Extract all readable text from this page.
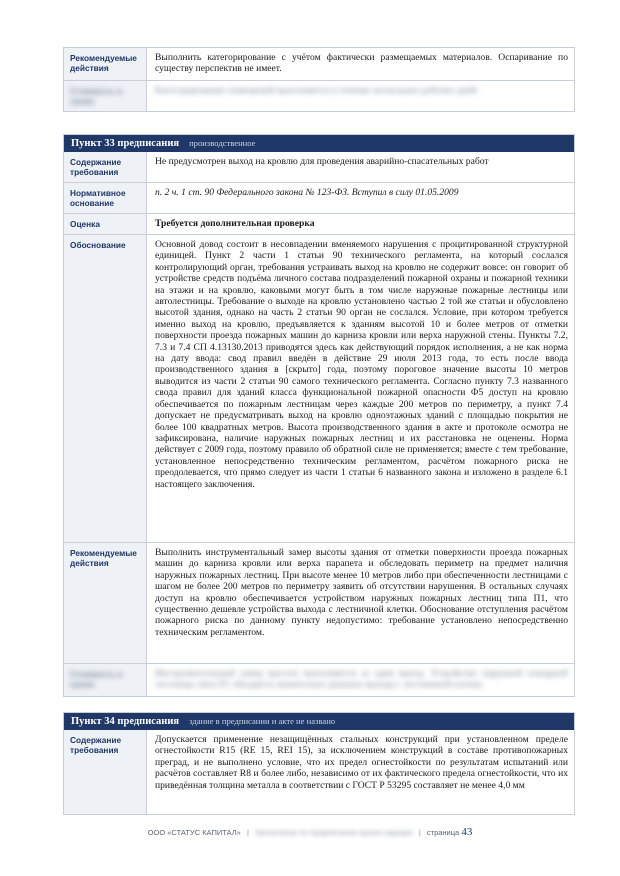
Рекомендуемые действия
Выполнить категорирование с учётом фактически размещаемых материалов. Оспаривание по существу перспектив не имеет.
Стоимость и сроки
Категорирование помещений выполняется в течение нескольких рабочих дней
Пункт 33 предписания производственное
Содержание требования
Не предусмотрен выход на кровлю для проведения аварийно-спасательных работ
Нормативное основание
п. 2 ч. 1 ст. 90 Федерального закона № 123-ФЗ. Вступил в силу 01.05.2009
Оценка	Требуется дополнительная проверка
Обоснование	Основной довод состоит в несовпадении вменяемого нарушения с процитированной структурной единицей. Пункт 2 части 1 статьи 90 технического регламента, на который сослался контролирующий орган, требования устраивать выход на кровлю не содержит вовсе: он говорит об устройстве средств подъёма личного состава подразделений пожарной охраны и пожарной техники на этажи и на кровлю, каковыми могут быть в том числе наружные пожарные лестницы или автолестницы. Требование о выходе на кровлю установлено частью 2 той же статьи и обусловлено высотой здания, однако на часть 2 статьи 90 орган не сослался. Условие, при котором требуется именно выход на кровлю, предъявляется к зданиям высотой 10 и более метров от отметки поверхности проезда пожарных машин до карниза кровли или верха наружной стены. Пункты 7.2, 7.3 и 7.4 СП 4.13130.2013 приводятся здесь как действующий порядок исполнения, а не как норма на дату ввода: свод правил введён в действие 29 июля 2013 года, то есть после ввода производственного здания в [скрыто] года, поэтому пороговое значение высоты 10 метров выводится из части 2 статьи 90 самого технического регламента. Согласно пункту 7.3 названного свода правил для зданий класса функциональной пожарной опасности Ф5 доступ на кровлю обеспечивается по пожарным лестницам через каждые 200 метров по периметру, а пункт 7.4 допускает не предусматривать выход на кровлю одноэтажных зданий с площадью покрытия не более 100 квадратных метров. Высота производственного здания в акте и протоколе осмотра не зафиксирована, наличие наружных пожарных лестниц и их расстановка не оценены. Норма действует с 2009 года, поэтому правило об обратной силе не применяется; вместе с тем требование, установленное непосредственно техническим регламентом, расчётом пожарного риска не преодолевается, что прямо следует из части 1 статьи 6 названного закона и изложено в разделе 6.1 настоящего заключения.
Рекомендуемые действия
Выполнить инструментальный замер высоты здания от отметки поверхности проезда пожарных машин до карниза кровли или верха парапета и обследовать периметр на предмет наличия наружных пожарных лестниц. При высоте менее 10 метров либо при обеспеченности лестницами с шагом не более 200 метров по периметру заявить об отсутствии нарушения. В остальных случаях доступ на кровлю обеспечивается устройством наружных пожарных лестниц типа П1, что существенно дешевле устройства выхода с лестничной клетки. Обоснование отступления расчётом пожарного риска по данному пункту недопустимо: требование установлено непосредственно техническим регламентом.
Стоимость и сроки
Инструментальный замер высоты выполняется за один выезд. Устройство наружной пожарной лестницы типа П1 обходится значительно дешевле выхода с лестничной клетки.
Пункт 34 предписания здание в предписании и акте не названо
Содержание требования
Допускается применение незащищённых стальных конструкций при установленном пределе огнестойкости R15 (RE 15, REI 15), за исключением конструкций в составе противопожарных преград, и не выполнено условие, что их предел огнестойкости по результатам испытаний или расчётов составляет R8 и более либо, независимо от их фактического предела огнестойкости, что их приведённая толщина металла в соответствии с ГОСТ Р 53295 составляет не менее 4,0 мм
ООО «СТАТУС КАПИТАЛ» | Заключение по предписанию органа надзора | страница 43
